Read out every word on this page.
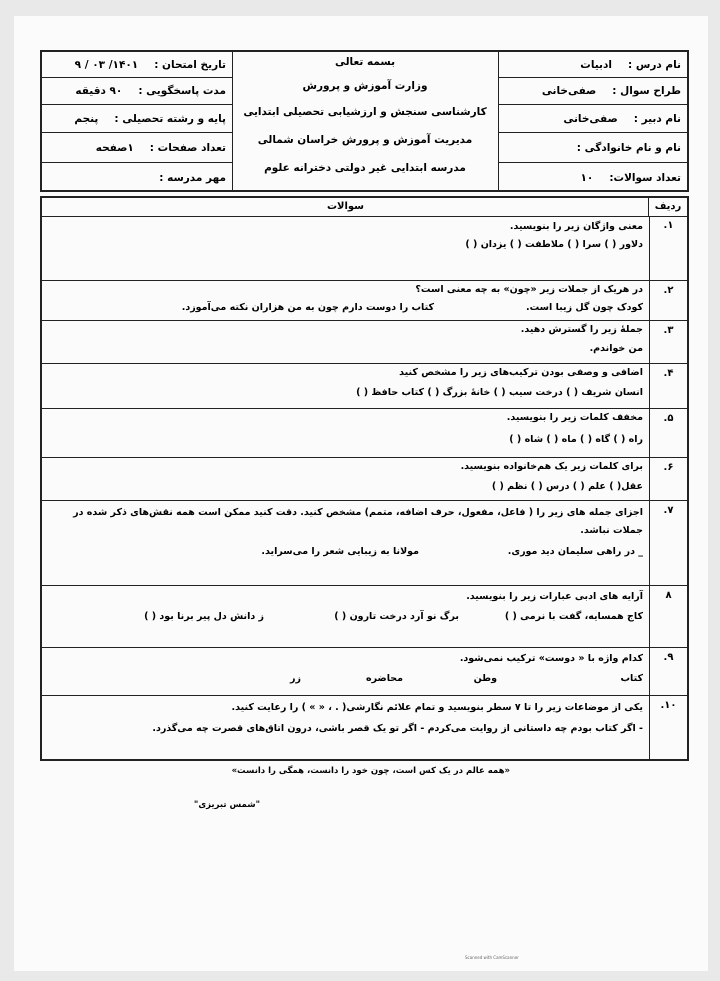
نام درس :
ادبیات
طراح سوال :
صفی‌خانی
نام دبیر :
صفی‌خانی
نام و نام خانوادگی :
تعداد سوالات:
۱۰
بسمه تعالی
وزارت آموزش و پرورش
کارشناسی سنجش و ارزشیابی تحصیلی ابتدایی
مدیریت آموزش و پرورش خراسان شمالی
مدرسه ابتدایی غیر دولتی دخترانه علوم
تاریخ امتحان :
۱۴۰۱/ ۰۳ / ۹
مدت پاسخگویی :
۹۰ دقیقه
پایه و رشته تحصیلی :
پنجم
تعداد صفحات :
۱صفحه
مهر مدرسه :
ردیف
سوالات
۱.
معنی واژگان زیر را بنویسید.
دلاور ( ) سرا ( ) ملاطفت ( ) یزدان ( )
۲.
در هریک از جملات زیر «چون» به چه معنی است؟
کودک چون گل زیبا است.
کتاب را دوست دارم چون به من هزاران نکته می‌آموزد.
۳.
جملهٔ زیر را گسترش دهید.
من خواندم.
۴.
اضافی و وصفی بودن ترکیب‌های زیر را مشخص کنید
انسان شریف ( ) درخت سیب ( ) خانهٔ بزرگ ( ) کتاب حافظ ( )
۵.
مخفف کلمات زیر را بنویسید.
راه ( ) گاه ( ) ماه ( ) شاه ( )
۶.
برای کلمات زیر یک هم‌خانواده بنویسید.
عقل( ) علم ( ) درس ( ) نظم ( )
۷.
اجزای جمله های زیر را ( فاعل، مفعول، حرف اضافه، متمم) مشخص کنید. دقت کنید ممکن است همه نقش‌های ذکر شده در جملات نباشد.
_ در راهی سلیمان دید موری.
مولانا به زیبایی شعر را می‌سراید.
۸
آرایه های ادبی عبارات زیر را بنویسید.
کاج همسایه، گفت با نرمی ( )
برگ نو آرد درخت تارون ( )
ز دانش دل پیر برنا بود ( )
۹.
کدام واژه با « دوست» ترکیب نمی‌شود.
کتاب
وطن
محاضره
زر
۱۰.
یکی از موضاعات زیر را تا ۷ سطر بنویسید و تمام علائم نگارشی( . ، « » ) را رعایت کنید.
- اگر کتاب بودم چه داستانی از روایت می‌کردم - اگر تو یک قصر باشی، درون اتاق‌های قصرت چه می‌گذرد.
«همه عالم در یک کس است، چون خود را دانست، همگی را دانست»
"شمس تبریزی"
Scanned with CamScanner
